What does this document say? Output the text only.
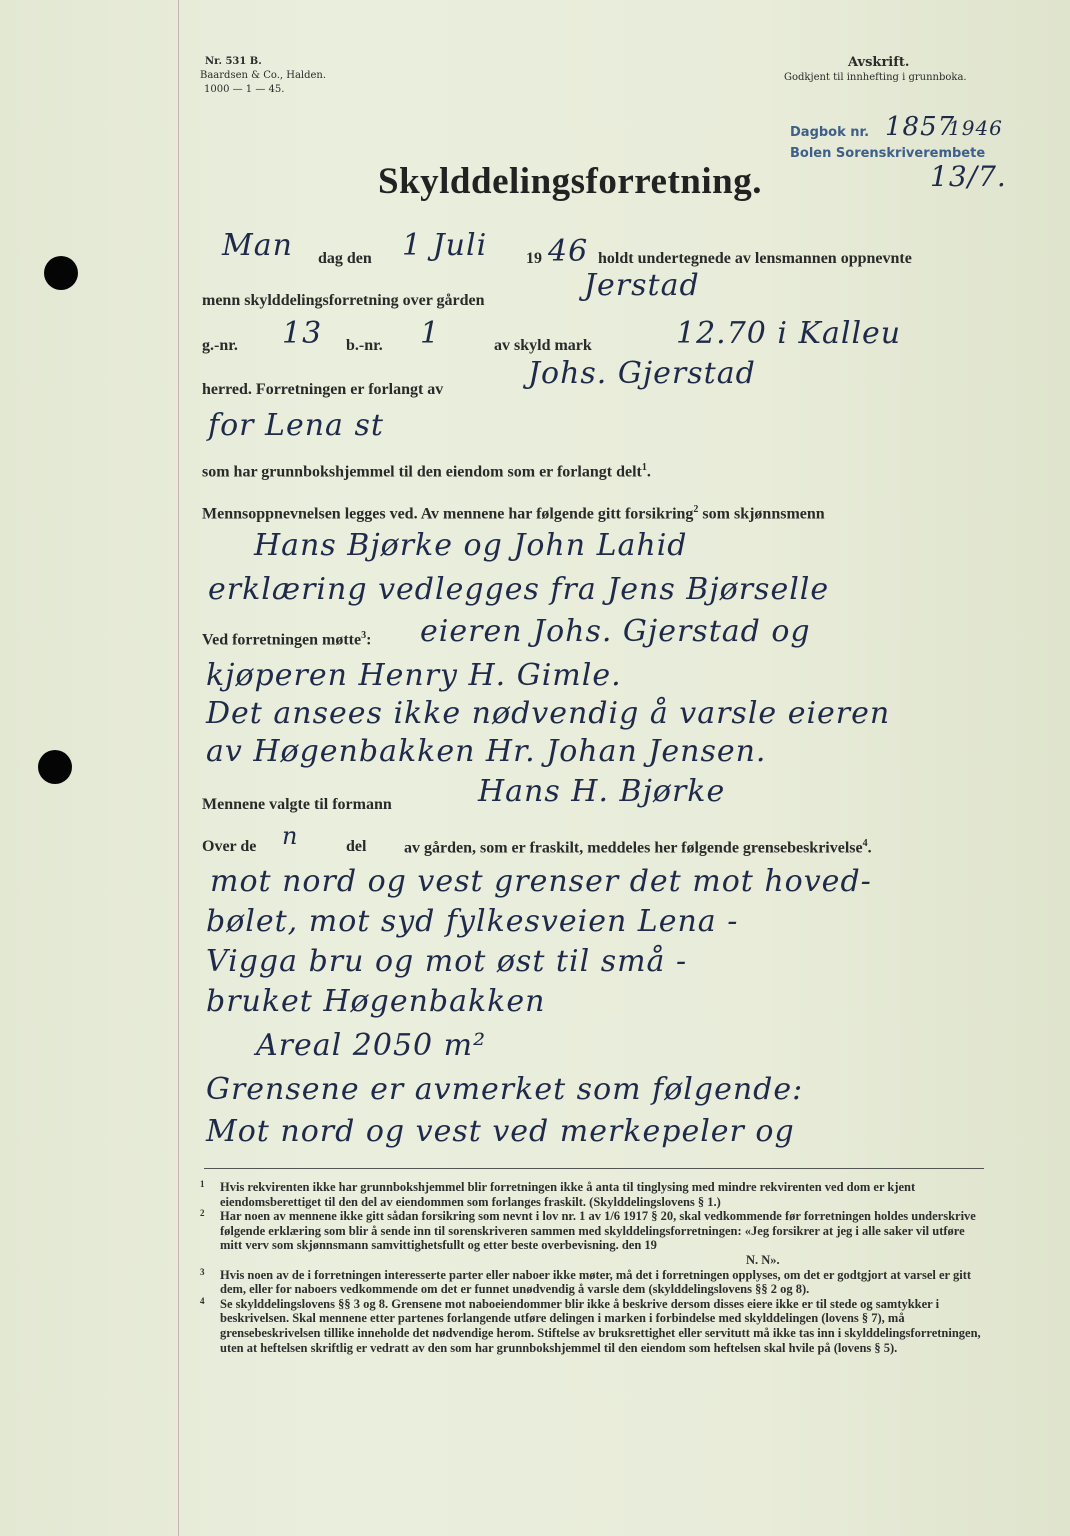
Nr. 531 B.
Baardsen & Co., Halden.
1000 — 1 — 45.
Avskrift.
Godkjent til innhefting i grunnboka.
Dagbok nr. 1857
1946
Bolen Sorenskriverembete
13/7.
Skylddelingsforretning.
Man dag den 1 Juli 19 46 holdt undertegnede av lensmannen oppnevnte
menn skylddelingsforretning over gården	Jerstad
g.-nr. 13 b.-nr. 1	av skyld mark	12.70 i Kalleu
herred. Forretningen er forlangt av	Johs. Gjerstad
for Lena st
som har grunnbokshjemmel til den eiendom som er forlangt delt$^1$.
Mennsoppnevnelsen legges ved. Av mennene har følgende gitt forsikring$^2$ som skjønnsmenn
Hans Bjørke og John Lahid
erklæring vedlegges fra Jens Bjørselle
Ved forretningen møtte$^3$: eieren Johs. Gjerstad og
kjøperen Henry H. Gimle.
Det ansees ikke nødvendig å varsle eieren
av Høgenbakken Hr. Johan Jensen.
Mennene valgte til formann	Hans H. Bjørke
Over de n	del av gården, som er fraskilt, meddeles her følgende grensebeskrivelse$^4$.
mot nord og vest grenser det mot hoved-
bølet, mot syd fylkesveien Lena -
Vigga bru og mot øst til små -
bruket Høgenbakken
Areal 2050 m²
Grensene er avmerket som følgende:
Mot nord og vest ved merkepeler og

1 Hvis rekvirenten ikke har grunnbokshjemmel blir forretningen ikke å anta til tinglysing med mindre rekvirenten ved dom er kjent eiendomsberettiget til den del av eiendommen som forlanges fraskilt. (Skylddelingslovens § 1.)

2 Har noen av mennene ikke gitt sådan forsikring som nevnt i lov nr. 1 av 1/6 1917 § 20, skal vedkommende før forretningen holdes underskrive følgende erklæring som blir å sende inn til sorenskriveren sammen med skylddelingsforretningen: «Jeg forsikrer at jeg i alle saker vil utføre mitt verv som skjønnsmann samvittighetsfullt og etter beste overbevisning. den 19

N. N».

3 Hvis noen av de i forretningen interesserte parter eller naboer ikke møter, må det i forretningen opplyses, om det er godtgjort at varsel er gitt dem, eller for naboers vedkommende om det er funnet unødvendig å varsle dem (skylddelingslovens §§ 2 og 8).

4 Se skylddelingslovens §§ 3 og 8. Grensene mot naboeiendommer blir ikke å beskrive dersom disses eiere ikke er til stede og samtykker i beskrivelsen. Skal mennene etter partenes forlangende utføre delingen i marken i forbindelse med skylddelingen (lovens § 7), må grensebeskrivelsen tillike inneholde det nødvendige herom. Stiftelse av bruksrettighet eller servitutt må ikke tas inn i skylddelingsforretningen, uten at heftelsen skriftlig er vedratt av den som har grunnbokshjemmel til den eiendom som heftelsen skal hvile på (lovens § 5).
